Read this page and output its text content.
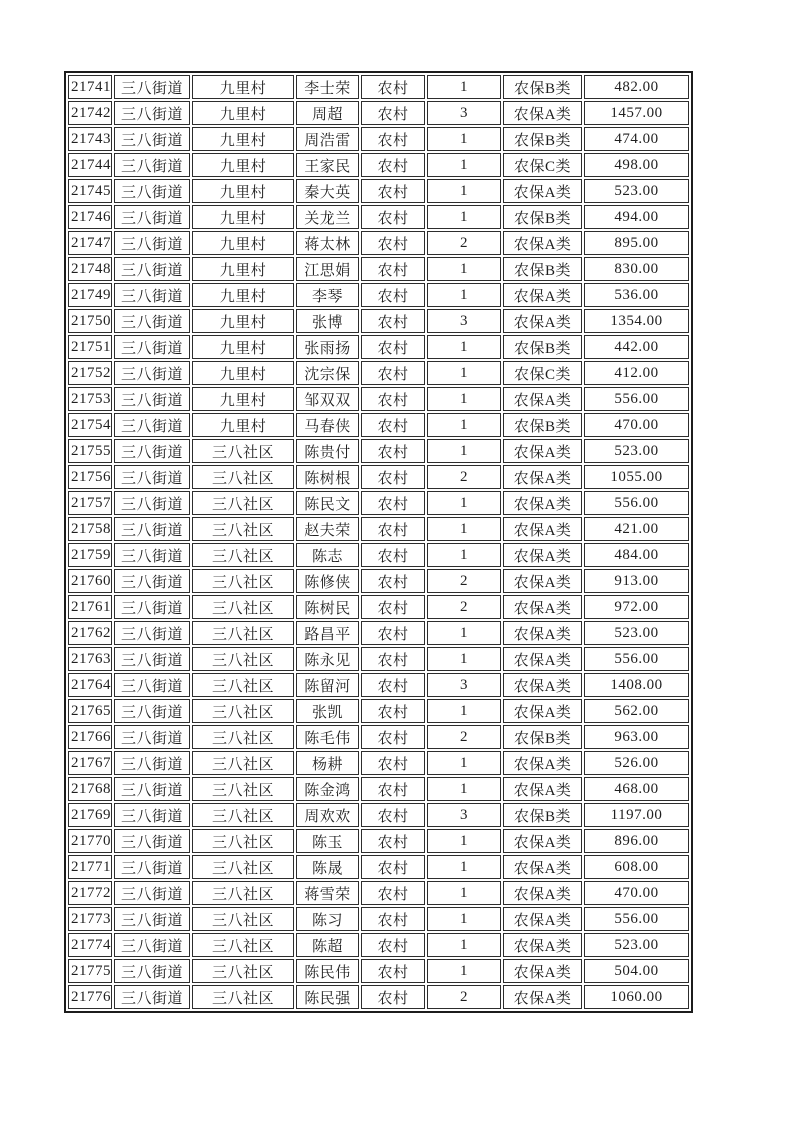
21741	三八街道	九里村	李士荣	农村	1	农保B类	482.00
21742	三八街道	九里村	周超	农村	3	农保A类	1457.00
21743	三八街道	九里村	周浩雷	农村	1	农保B类	474.00
21744	三八街道	九里村	王家民	农村	1	农保C类	498.00
21745	三八街道	九里村	秦大英	农村	1	农保A类	523.00
21746	三八街道	九里村	关龙兰	农村	1	农保B类	494.00
21747	三八街道	九里村	蒋太林	农村	2	农保A类	895.00
21748	三八街道	九里村	江思娟	农村	1	农保B类	830.00
21749	三八街道	九里村	李琴	农村	1	农保A类	536.00
21750	三八街道	九里村	张博	农村	3	农保A类	1354.00
21751	三八街道	九里村	张雨扬	农村	1	农保B类	442.00
21752	三八街道	九里村	沈宗保	农村	1	农保C类	412.00
21753	三八街道	九里村	邹双双	农村	1	农保A类	556.00
21754	三八街道	九里村	马春侠	农村	1	农保B类	470.00
21755	三八街道	三八社区	陈贵付	农村	1	农保A类	523.00
21756	三八街道	三八社区	陈树根	农村	2	农保A类	1055.00
21757	三八街道	三八社区	陈民文	农村	1	农保A类	556.00
21758	三八街道	三八社区	赵夫荣	农村	1	农保A类	421.00
21759	三八街道	三八社区	陈志	农村	1	农保A类	484.00
21760	三八街道	三八社区	陈修侠	农村	2	农保A类	913.00
21761	三八街道	三八社区	陈树民	农村	2	农保A类	972.00
21762	三八街道	三八社区	路昌平	农村	1	农保A类	523.00
21763	三八街道	三八社区	陈永见	农村	1	农保A类	556.00
21764	三八街道	三八社区	陈留河	农村	3	农保A类	1408.00
21765	三八街道	三八社区	张凯	农村	1	农保A类	562.00
21766	三八街道	三八社区	陈毛伟	农村	2	农保B类	963.00
21767	三八街道	三八社区	杨耕	农村	1	农保A类	526.00
21768	三八街道	三八社区	陈金鸿	农村	1	农保A类	468.00
21769	三八街道	三八社区	周欢欢	农村	3	农保B类	1197.00
21770	三八街道	三八社区	陈玉	农村	1	农保A类	896.00
21771	三八街道	三八社区	陈晟	农村	1	农保A类	608.00
21772	三八街道	三八社区	蒋雪荣	农村	1	农保A类	470.00
21773	三八街道	三八社区	陈习	农村	1	农保A类	556.00
21774	三八街道	三八社区	陈超	农村	1	农保A类	523.00
21775	三八街道	三八社区	陈民伟	农村	1	农保A类	504.00
21776	三八街道	三八社区	陈民强	农村	2	农保A类	1060.00
